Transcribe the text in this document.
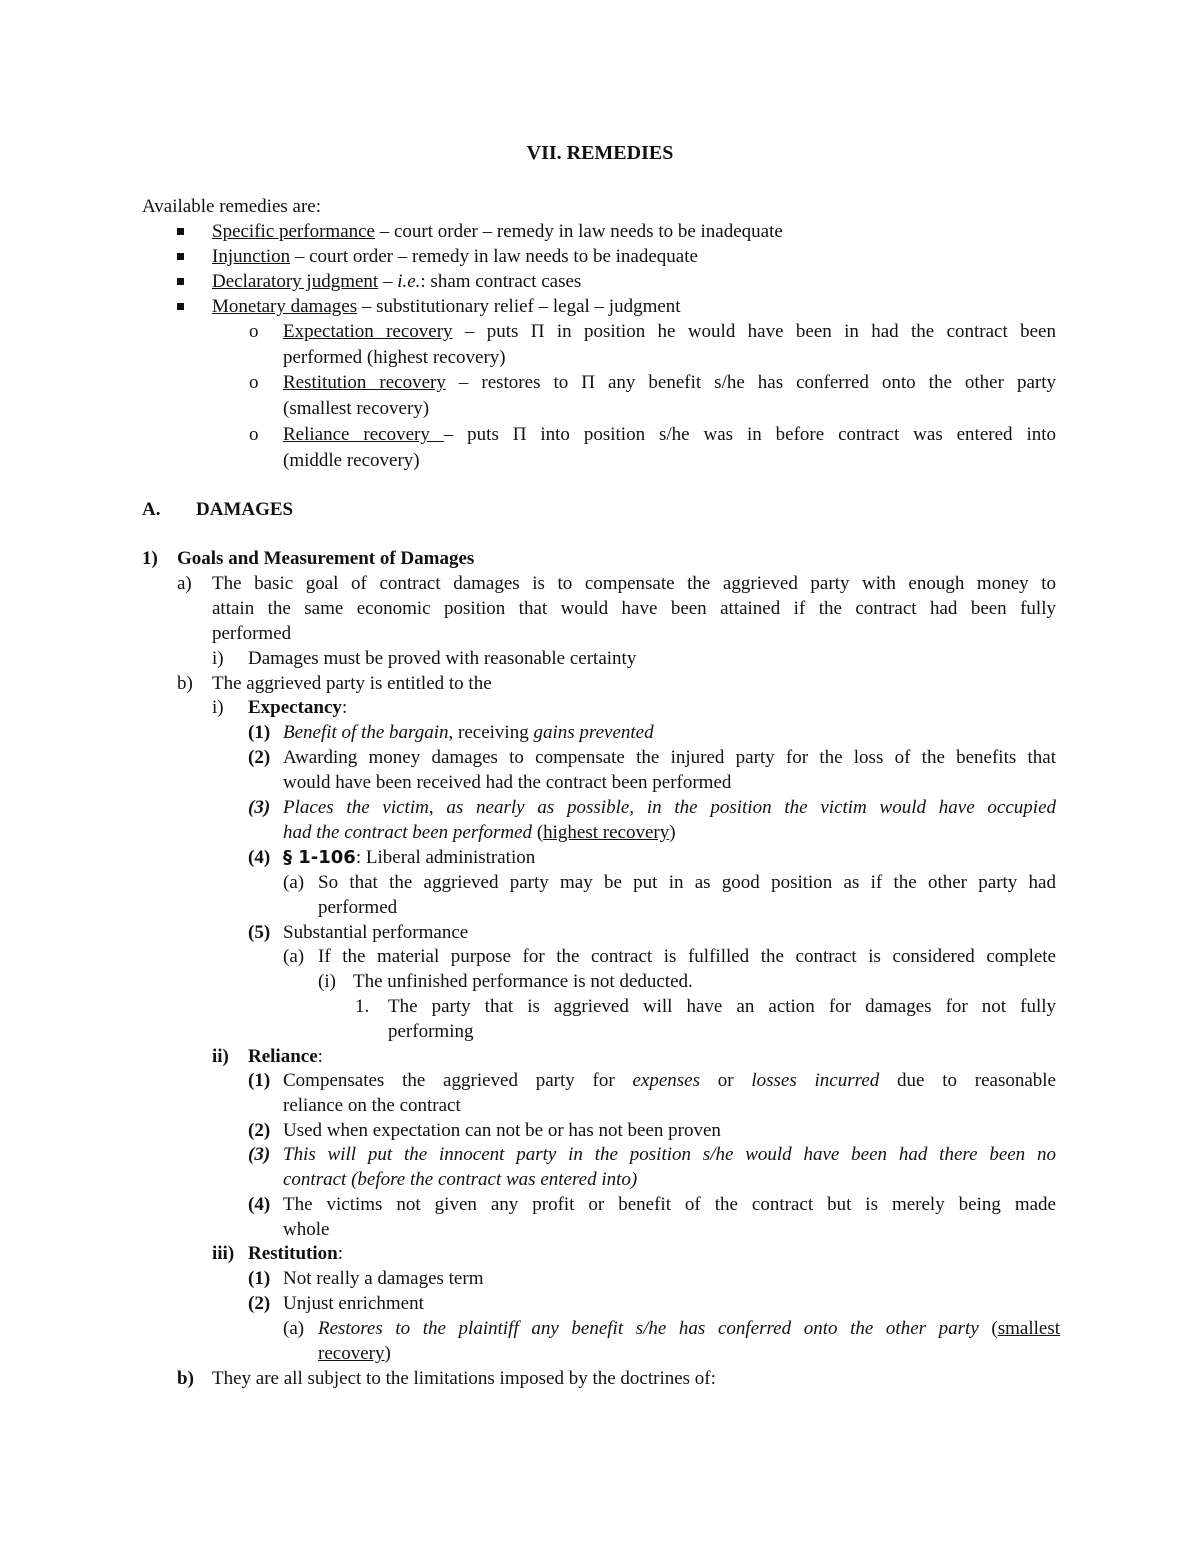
VII. REMEDIES
Available remedies are:
Specific performance – court order – remedy in law needs to be inadequate
Injunction – court order – remedy in law needs to be inadequate
Declaratory judgment – i.e.: sham contract cases
Monetary damages – substitutionary relief – legal – judgment
o Expectation recovery – puts Π in position he would have been in had the contract been
performed (highest recovery)
o Restitution recovery – restores to Π any benefit s/he has conferred onto the other party
(smallest recovery)
o Reliance recovery – puts Π into position s/he was in before contract was entered into
(middle recovery)
A. DAMAGES
1) Goals and Measurement of Damages
a) The basic goal of contract damages is to compensate the aggrieved party with enough money to
attain the same economic position that would have been attained if the contract had been fully
performed
i) Damages must be proved with reasonable certainty
b) The aggrieved party is entitled to the
i) Expectancy:
(1) Benefit of the bargain, receiving gains prevented
(2) Awarding money damages to compensate the injured party for the loss of the benefits that
would have been received had the contract been performed
(3) Places the victim, as nearly as possible, in the position the victim would have occupied
had the contract been performed (highest recovery)
(4) § 1-106: Liberal administration
(a) So that the aggrieved party may be put in as good position as if the other party had
performed
(5) Substantial performance
(a) If the material purpose for the contract is fulfilled the contract is considered complete
(i) The unfinished performance is not deducted.
1. The party that is aggrieved will have an action for damages for not fully
performing
ii) Reliance:
(1) Compensates the aggrieved party for expenses or losses incurred due to reasonable
reliance on the contract
(2) Used when expectation can not be or has not been proven
(3) This will put the innocent party in the position s/he would have been had there been no
contract (before the contract was entered into)
(4) The victims not given any profit or benefit of the contract but is merely being made
whole
iii) Restitution:
(1) Not really a damages term
(2) Unjust enrichment
(a) Restores to the plaintiff any benefit s/he has conferred onto the other party (smallest
recovery)
b) They are all subject to the limitations imposed by the doctrines of:
